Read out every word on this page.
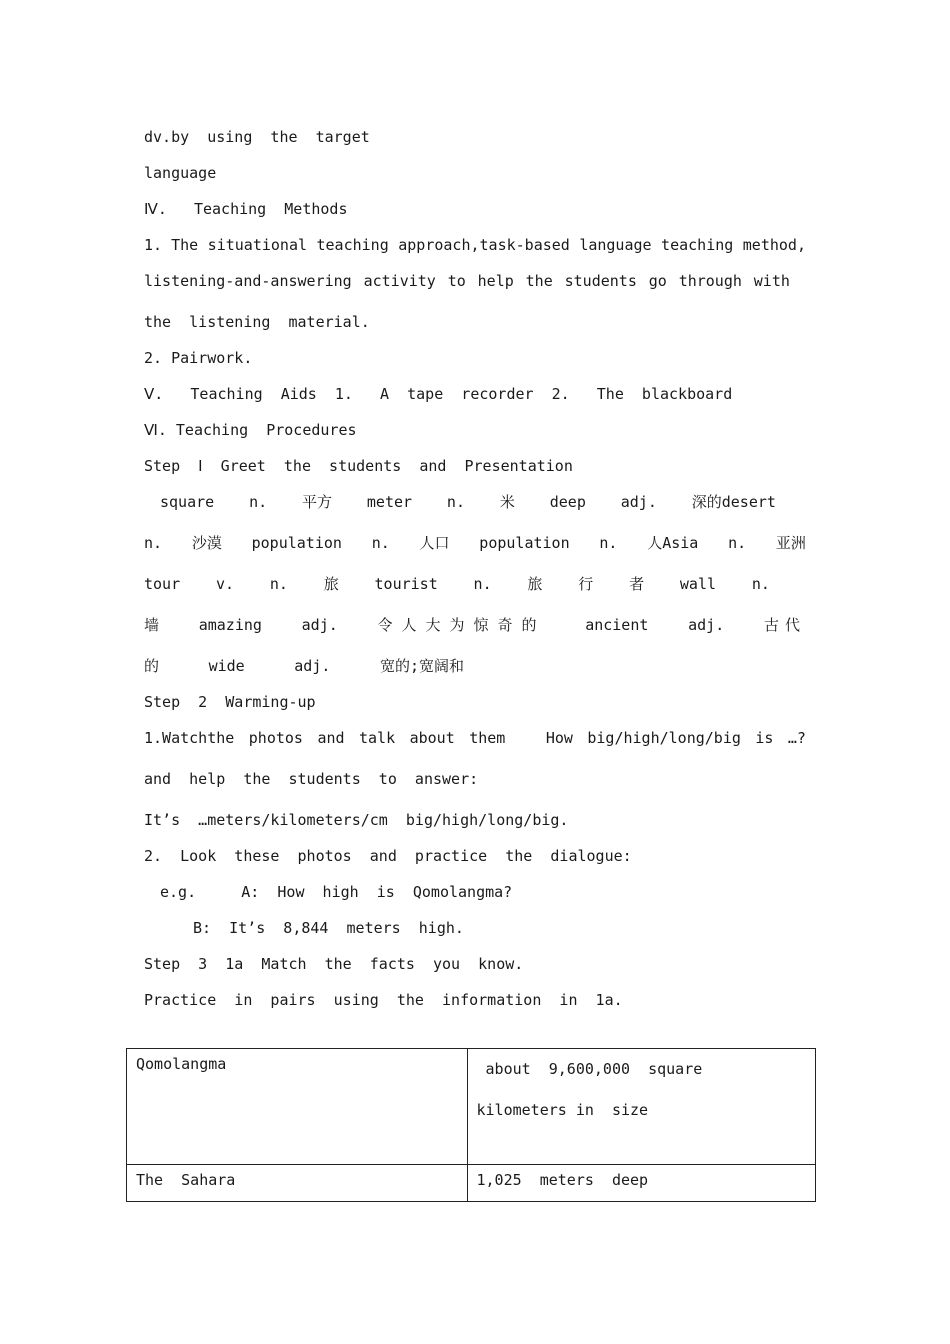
dv.by  using  the  target
language
Ⅳ.   Teaching  Methods
1. The situational teaching approach,task-based language teaching method,
listening-and-answering activity to help the students go through with
the  listening  material.
2. Pairwork.
Ⅴ.   Teaching  Aids  1.   A  tape  recorder  2.   The  blackboard
Ⅵ. Teaching  Procedures
Step  Ⅰ  Greet  the  students  and  Presentation
square n. 平方 meter n. 米 deep adj. 深的desert
n. 沙漠 population n. 人口 population n. 人Asia n. 亚洲
tour v. n. 旅 tourist n. 旅 行 者 wall n.
墙	amazing	adj.	令人大为惊奇的	ancient	adj.	古代
的	wide	adj.	宽的;宽阔和
Step  2  Warming-up
1.Watchthe photos and talk about them	How big/high/long/big is …?
and  help  the  students  to  answer:
It’s  …meters/kilometers/cm  big/high/long/big.
2.  Look  these  photos  and  practice  the  dialogue:
e.g.     A:  How  high  is  Qomolangma?
B:  It’s  8,844  meters  high.
Step  3  1a  Match  the  facts  you  know.
Practice  in  pairs  using  the  information  in  1a.
Qomolangma	about  9,600,000  square  kilometers in  size

The  Sahara	1,025  meters  deep
